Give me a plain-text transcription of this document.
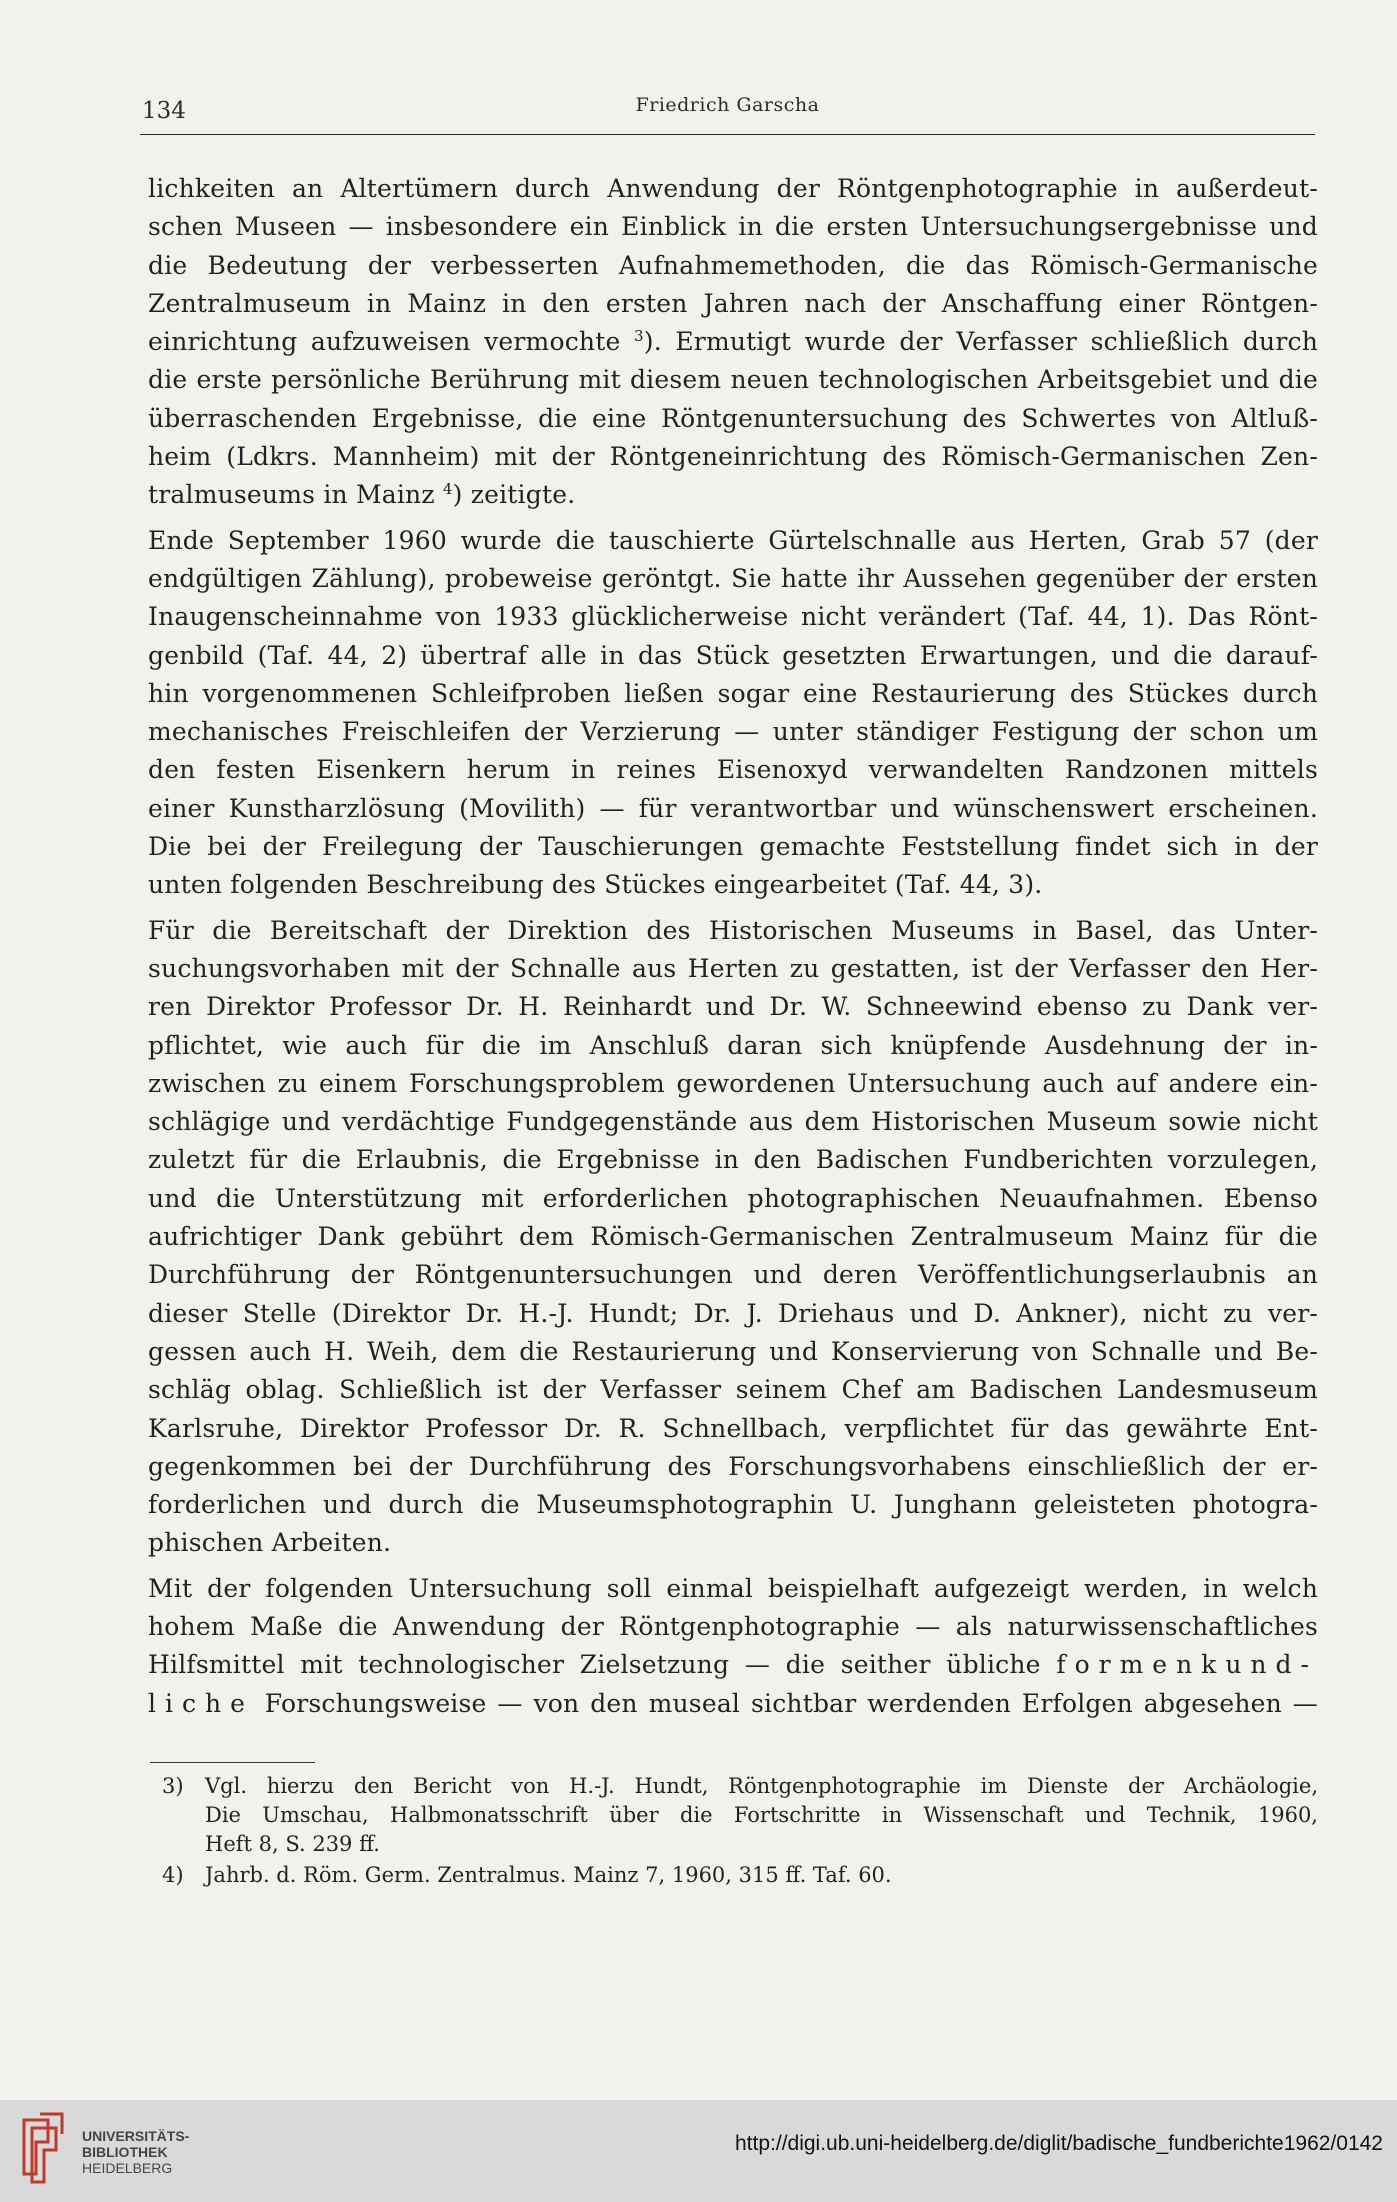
134	Friedrich Garscha

lichkeiten an Altertümern durch Anwendung der Röntgenphotographie in außerdeut-
schen Museen — insbesondere ein Einblick in die ersten Untersuchungsergebnisse und
die Bedeutung der verbesserten Aufnahmemethoden, die das Römisch-Germanische
Zentralmuseum in Mainz in den ersten Jahren nach der Anschaffung einer Röntgen-
einrichtung aufzuweisen vermochte $^3$). Ermutigt wurde der Verfasser schließlich durch
die erste persönliche Berührung mit diesem neuen technologischen Arbeitsgebiet und die
überraschenden Ergebnisse, die eine Röntgenuntersuchung des Schwertes von Altluß-
heim (Ldkrs. Mannheim) mit der Röntgeneinrichtung des Römisch-Germanischen Zen-
tralmuseums in Mainz $^4$) zeitigte.

Ende September 1960 wurde die tauschierte Gürtelschnalle aus Herten, Grab 57 (der
endgültigen Zählung), probeweise geröntgt. Sie hatte ihr Aussehen gegenüber der ersten
Inaugenscheinnahme von 1933 glücklicherweise nicht verändert (Taf. 44, 1). Das Rönt-
genbild (Taf. 44, 2) übertraf alle in das Stück gesetzten Erwartungen, und die darauf-
hin vorgenommenen Schleifproben ließen sogar eine Restaurierung des Stückes durch
mechanisches Freischleifen der Verzierung — unter ständiger Festigung der schon um
den festen Eisenkern herum in reines Eisenoxyd verwandelten Randzonen mittels
einer Kunstharzlösung (Movilith) — für verantwortbar und wünschenswert erscheinen.
Die bei der Freilegung der Tauschierungen gemachte Feststellung findet sich in der
unten folgenden Beschreibung des Stückes eingearbeitet (Taf. 44, 3).

Für die Bereitschaft der Direktion des Historischen Museums in Basel, das Unter-
suchungsvorhaben mit der Schnalle aus Herten zu gestatten, ist der Verfasser den Her-
ren Direktor Professor Dr. H. Reinhardt und Dr. W. Schneewind ebenso zu Dank ver-
pflichtet, wie auch für die im Anschluß daran sich knüpfende Ausdehnung der in-
zwischen zu einem Forschungsproblem gewordenen Untersuchung auch auf andere ein-
schlägige und verdächtige Fundgegenstände aus dem Historischen Museum sowie nicht
zuletzt für die Erlaubnis, die Ergebnisse in den Badischen Fundberichten vorzulegen,
und die Unterstützung mit erforderlichen photographischen Neuaufnahmen. Ebenso
aufrichtiger Dank gebührt dem Römisch-Germanischen Zentralmuseum Mainz für die
Durchführung der Röntgenuntersuchungen und deren Veröffentlichungserlaubnis an
dieser Stelle (Direktor Dr. H.-J. Hundt; Dr. J. Driehaus und D. Ankner), nicht zu ver-
gessen auch H. Weih, dem die Restaurierung und Konservierung von Schnalle und Be-
schläg oblag. Schließlich ist der Verfasser seinem Chef am Badischen Landesmuseum
Karlsruhe, Direktor Professor Dr. R. Schnellbach, verpflichtet für das gewährte Ent-
gegenkommen bei der Durchführung des Forschungsvorhabens einschließlich der er-
forderlichen und durch die Museumsphotographin U. Junghann geleisteten photogra-
phischen Arbeiten.

Mit der folgenden Untersuchung soll einmal beispielhaft aufgezeigt werden, in welch
hohem Maße die Anwendung der Röntgenphotographie — als naturwissenschaftliches
Hilfsmittel mit technologischer Zielsetzung — die seither übliche formenkund-
liche Forschungsweise — von den museal sichtbar werdenden Erfolgen abgesehen —

3) Vgl. hierzu den Bericht von H.-J. Hundt, Röntgenphotographie im Dienste der Archäologie,
Die Umschau, Halbmonatsschrift über die Fortschritte in Wissenschaft und Technik, 1960,
Heft 8, S. 239 ff.
4) Jahrb. d. Röm. Germ. Zentralmus. Mainz 7, 1960, 315 ff. Taf. 60.
UNIVERSITÄTS-
BIBLIOTHEK
HEIDELBERG
http://digi.ub.uni-heidelberg.de/diglit/badische_fundberichte1962/0142
